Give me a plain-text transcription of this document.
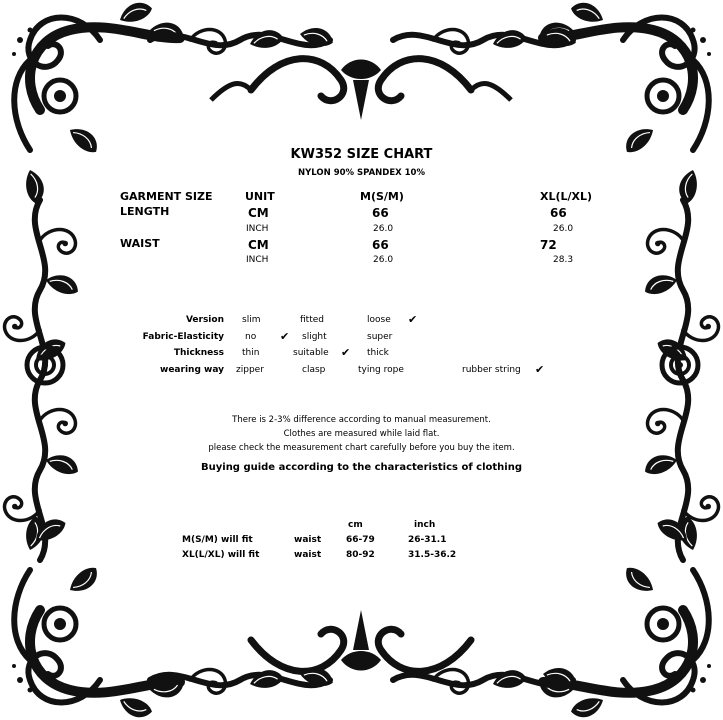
KW352 SIZE CHART
NYLON 90% SPANDEX 10%
GARMENT SIZE	UNIT	M(S/M)	XL(L/XL)
LENGTH	CM	66	66
INCH	26.0	26.0
WAIST	CM	66	72
INCH	26.0	28.3
Version slim	fitted	loose ✔
Fabric-Elasticity no ✔ slight	super
Thickness thin	suitable ✔ thick
wearing way zipper	clasp	tying rope	rubber string ✔
There is 2-3% difference according to manual measurement.
Clothes are measured while laid flat.
please check the measurement chart carefully before you buy the item.
Buying guide according to the characteristics of clothing
cm	inch
M(S/M) will fit	waist	66-79	26-31.1
XL(L/XL) will fit	waist	80-92	31.5-36.2
